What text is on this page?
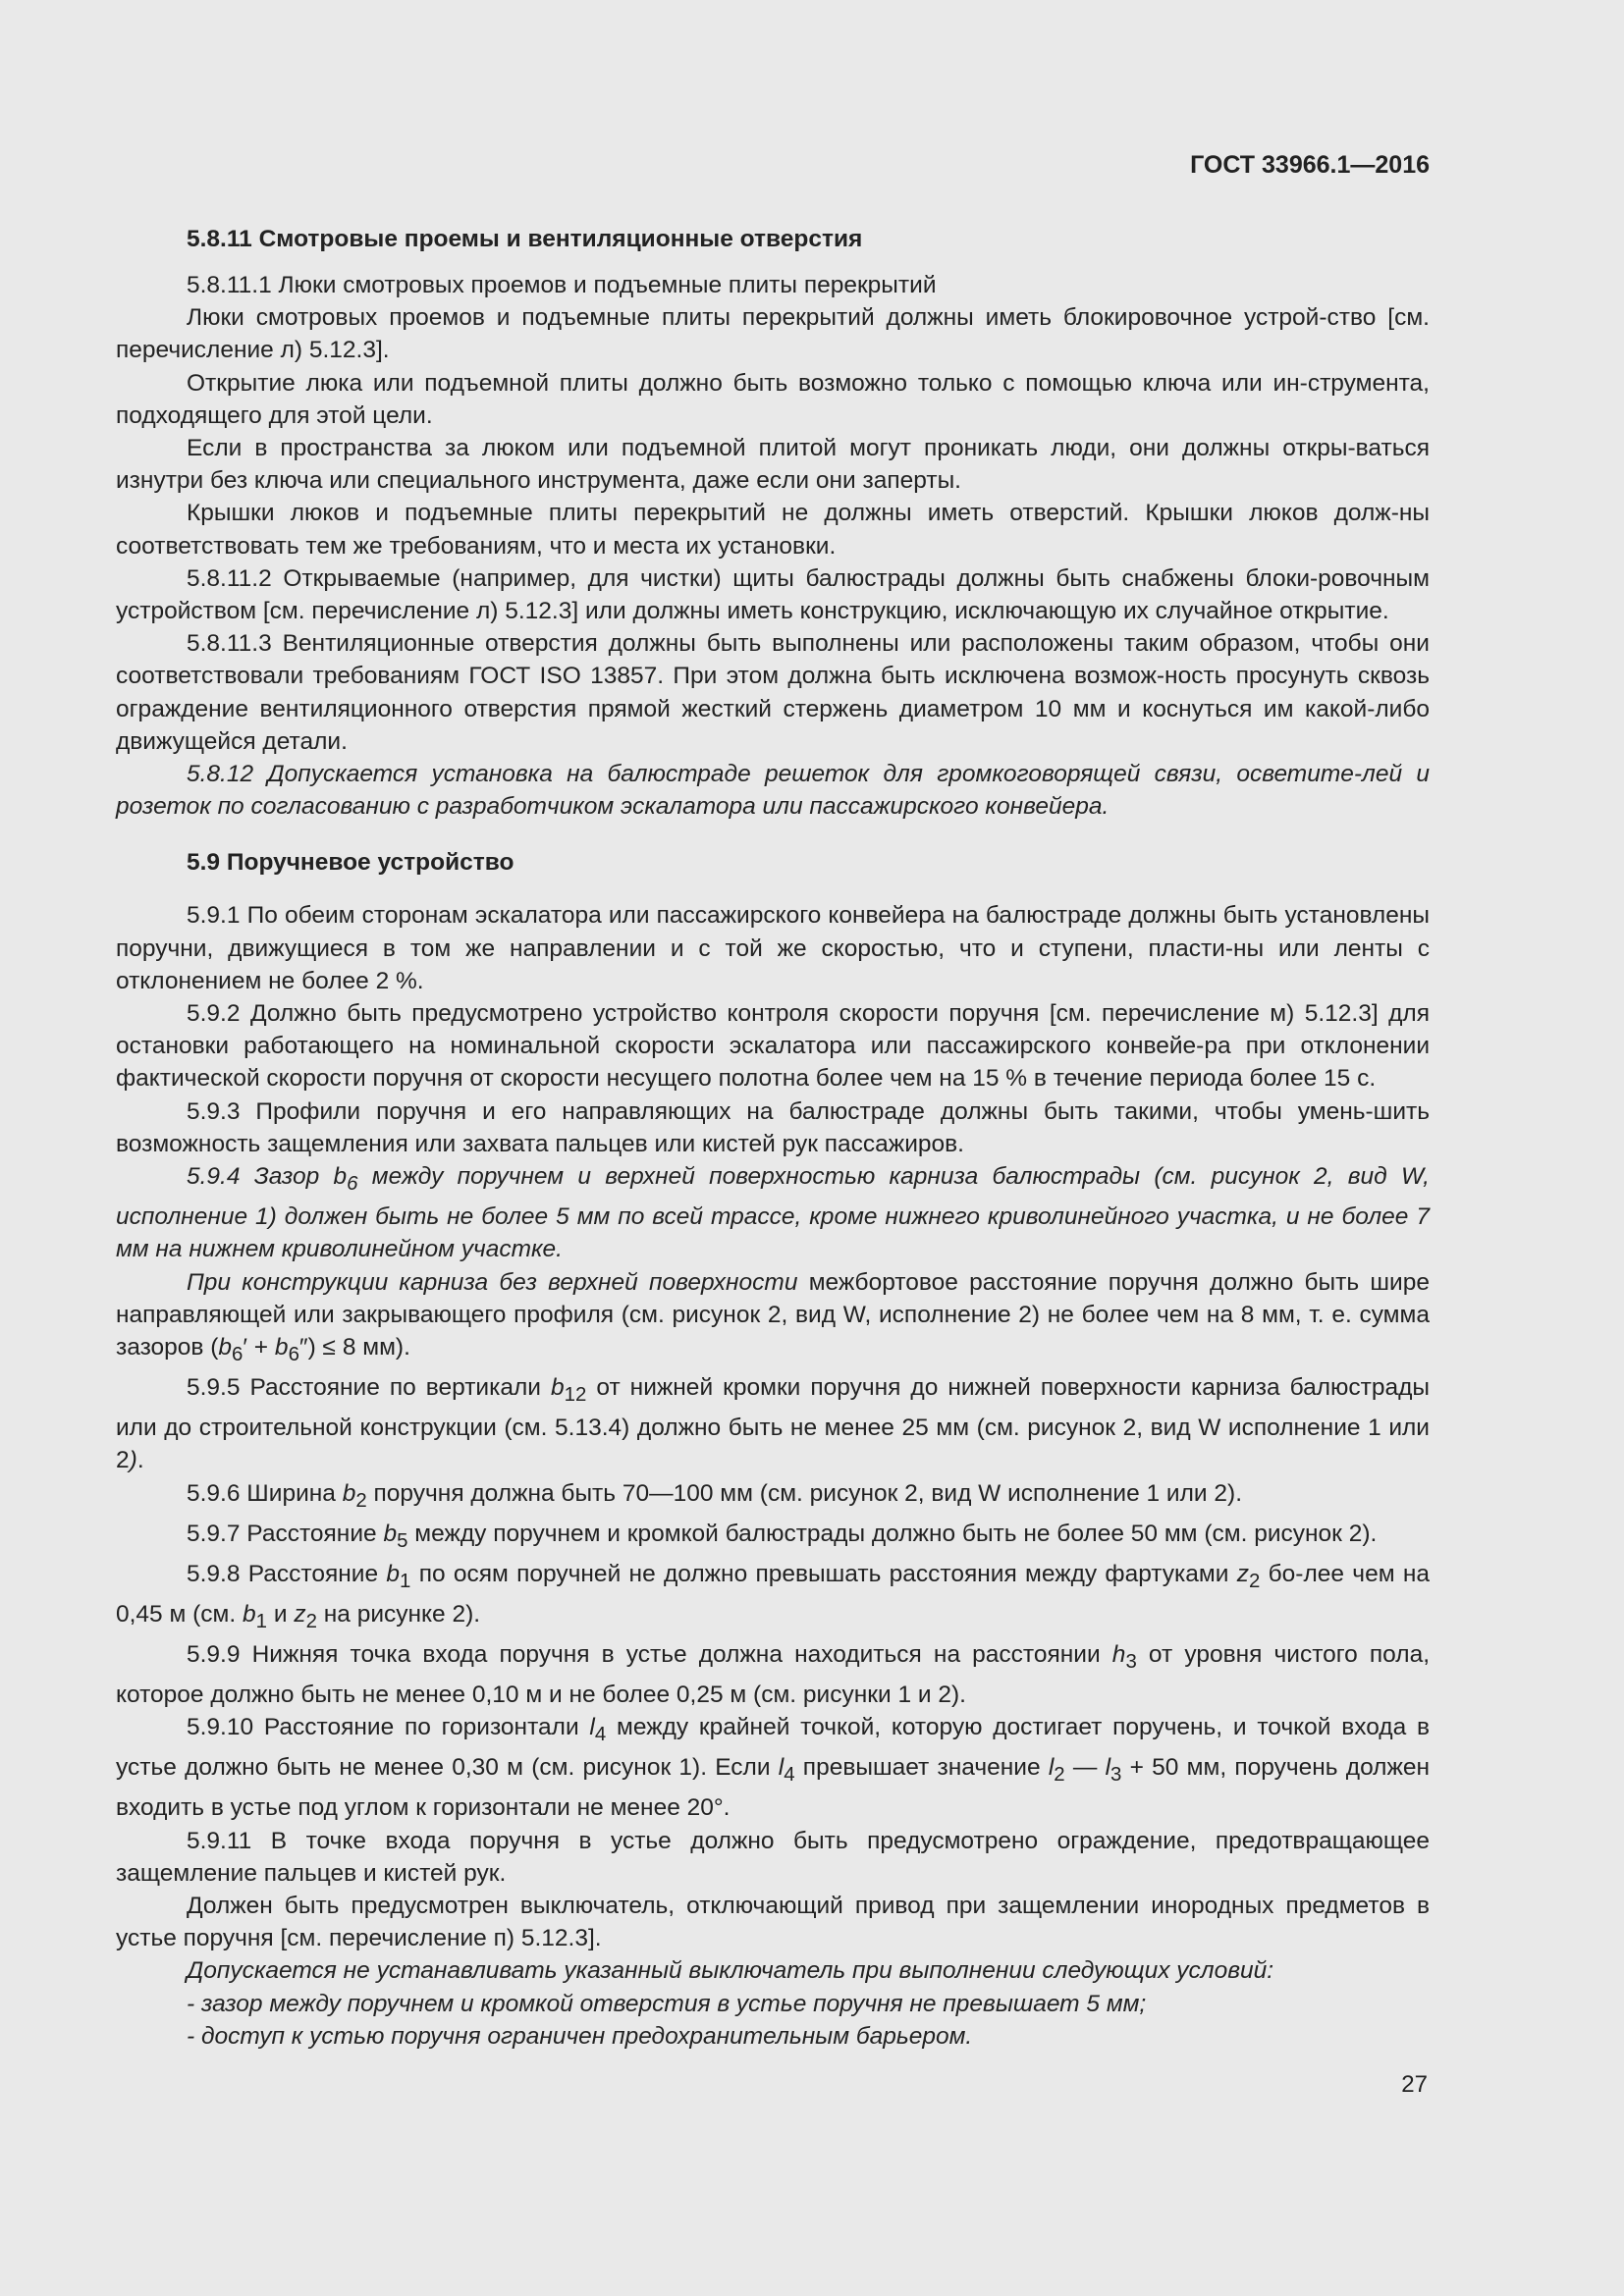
ГОСТ 33966.1—2016
5.8.11 Смотровые проемы и вентиляционные отверстия

5.8.11.1 Люки смотровых проемов и подъемные плиты перекрытий

Люки смотровых проемов и подъемные плиты перекрытий должны иметь блокировочное устрой-ство [см. перечисление л) 5.12.3].

Открытие люка или подъемной плиты должно быть возможно только с помощью ключа или ин-струмента, подходящего для этой цели.

Если в пространства за люком или подъемной плитой могут проникать люди, они должны откры-ваться изнутри без ключа или специального инструмента, даже если они заперты.

Крышки люков и подъемные плиты перекрытий не должны иметь отверстий. Крышки люков долж-ны соответствовать тем же требованиям, что и места их установки.

5.8.11.2 Открываемые (например, для чистки) щиты балюстрады должны быть снабжены блоки-ровочным устройством [см. перечисление л) 5.12.3] или должны иметь конструкцию, исключающую их случайное открытие.

5.8.11.3 Вентиляционные отверстия должны быть выполнены или расположены таким образом, чтобы они соответствовали требованиям ГОСТ ISO 13857. При этом должна быть исключена возмож-ность просунуть сквозь ограждение вентиляционного отверстия прямой жесткий стержень диаметром 10 мм и коснуться им какой-либо движущейся детали.

5.8.12 Допускается установка на балюстраде решеток для громкоговорящей связи, осветите-лей и розеток по согласованию с разработчиком эскалатора или пассажирского конвейера.

5.9 Поручневое устройство

5.9.1 По обеим сторонам эскалатора или пассажирского конвейера на балюстраде должны быть установлены поручни, движущиеся в том же направлении и с той же скоростью, что и ступени, пласти-ны или ленты с отклонением не более 2 %.

5.9.2 Должно быть предусмотрено устройство контроля скорости поручня [см. перечисление м) 5.12.3] для остановки работающего на номинальной скорости эскалатора или пассажирского конвейе-ра при отклонении фактической скорости поручня от скорости несущего полотна более чем на 15 % в течение периода более 15 с.

5.9.3 Профили поручня и его направляющих на балюстраде должны быть такими, чтобы умень-шить возможность защемления или захвата пальцев или кистей рук пассажиров.

5.9.4 Зазор $b_6$ между поручнем и верхней поверхностью карниза балюстрады (см. рисунок 2, вид W, исполнение 1) должен быть не более 5 мм по всей трассе, кроме нижнего криволинейного участка, и не более 7 мм на нижнем криволинейном участке.

При конструкции карниза без верхней поверхности межбортовое расстояние поручня должно быть шире направляющей или закрывающего профиля (см. рисунок 2, вид W, исполнение 2) не более чем на 8 мм, т. е. сумма зазоров $(b_6' + b_6'') \le 8$ мм).

5.9.5 Расстояние по вертикали $b_{12}$ от нижней кромки поручня до нижней поверхности карниза балюстрады или до строительной конструкции (см. 5.13.4) должно быть не менее 25 мм (см. рисунок 2, вид W исполнение 1 или 2).

5.9.6 Ширина $b_2$ поручня должна быть 70—100 мм (см. рисунок 2, вид W исполнение 1 или 2).

5.9.7 Расстояние $b_5$ между поручнем и кромкой балюстрады должно быть не более 50 мм (см. рисунок 2).

5.9.8 Расстояние $b_1$ по осям поручней не должно превышать расстояния между фартуками $z_2$ бо-лее чем на 0,45 м (см. $b_1$ и $z_2$ на рисунке 2).

5.9.9 Нижняя точка входа поручня в устье должна находиться на расстоянии $h_3$ от уровня чистого пола, которое должно быть не менее 0,10 м и не более 0,25 м (см. рисунки 1 и 2).

5.9.10 Расстояние по горизонтали $l_4$ между крайней точкой, которую достигает поручень, и точкой входа в устье должно быть не менее 0,30 м (см. рисунок 1). Если $l_4$ превышает значение $l_2$ — $l_3 + 50$ мм, поручень должен входить в устье под углом к горизонтали не менее 20°.

5.9.11 В точке входа поручня в устье должно быть предусмотрено ограждение, предотвращающее защемление пальцев и кистей рук.

Должен быть предусмотрен выключатель, отключающий привод при защемлении инородных предметов в устье поручня [см. перечисление п) 5.12.3].

Допускается не устанавливать указанный выключатель при выполнении следующих условий:

- зазор между поручнем и кромкой отверстия в устье поручня не превышает 5 мм;

- доступ к устью поручня ограничен предохранительным барьером.

27
